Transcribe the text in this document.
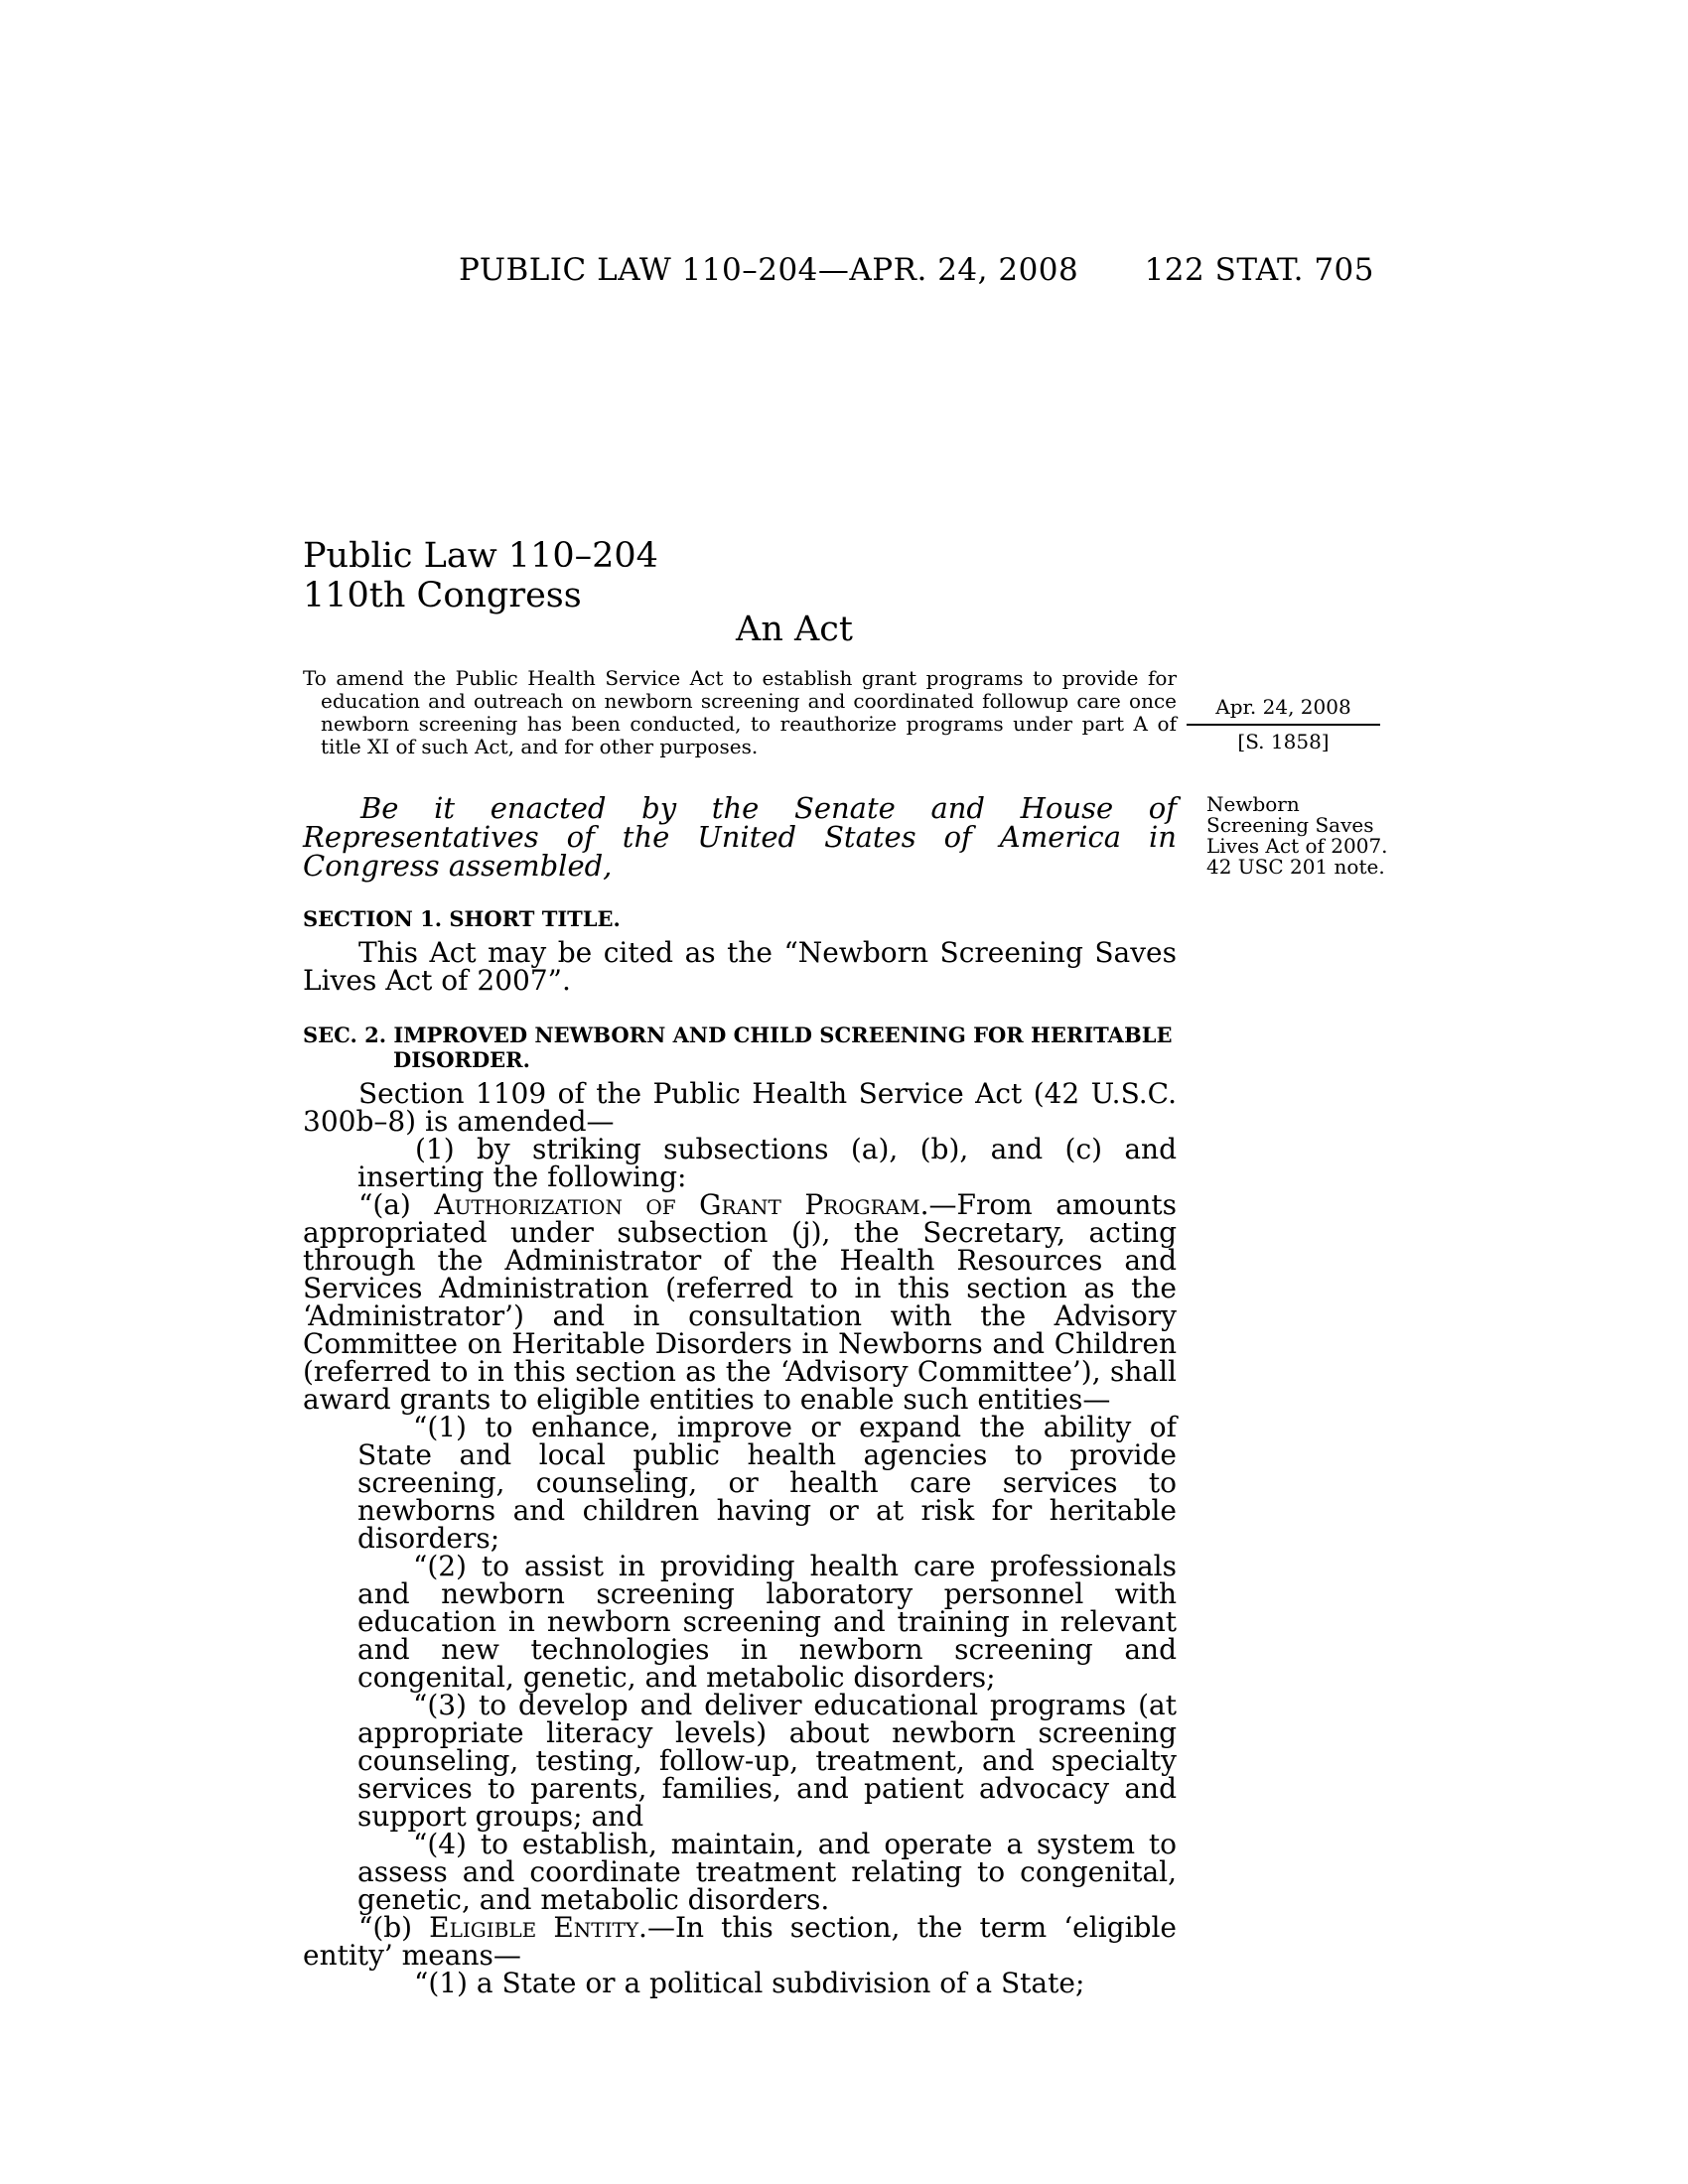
PUBLIC LAW 110–204—APR. 24, 2008 122 STAT. 705
Public Law 110–204
110th Congress
An Act
Apr. 24, 2008
[S. 1858]
Newborn
Screening Saves
Lives Act of 2007.
42 USC 201 note.

To amend the Public Health Service Act to establish grant programs to provide for education and outreach on newborn screening and coordinated followup care once newborn screening has been conducted, to reauthorize programs under part A of title XI of such Act, and for other purposes.

Be it enacted by the Senate and House of Representatives of the United States of America in Congress assembled,

SECTION 1. SHORT TITLE.

This Act may be cited as the “Newborn Screening Saves Lives Act of 2007”.

SEC. 2. IMPROVED NEWBORN AND CHILD SCREENING FOR HERITABLE DISORDER.

Section 1109 of the Public Health Service Act (42 U.S.C. 300b–8) is amended—

(1) by striking subsections (a), (b), and (c) and inserting the following:

“(a) Authorization of Grant Program.—From amounts appropriated under subsection (j), the Secretary, acting through the Administrator of the Health Resources and Services Administration (referred to in this section as the ‘Administrator’) and in consultation with the Advisory Committee on Heritable Disorders in Newborns and Children (referred to in this section as the ‘Advisory Committee’), shall award grants to eligible entities to enable such entities—

“(1) to enhance, improve or expand the ability of State and local public health agencies to provide screening, counseling, or health care services to newborns and children having or at risk for heritable disorders;

“(2) to assist in providing health care professionals and newborn screening laboratory personnel with education in newborn screening and training in relevant and new technologies in newborn screening and congenital, genetic, and metabolic disorders;

“(3) to develop and deliver educational programs (at appropriate literacy levels) about newborn screening counseling, testing, follow-up, treatment, and specialty services to parents, families, and patient advocacy and support groups; and

“(4) to establish, maintain, and operate a system to assess and coordinate treatment relating to congenital, genetic, and metabolic disorders.

“(b) Eligible Entity.—In this section, the term ‘eligible entity’ means—

“(1) a State or a political subdivision of a State;
